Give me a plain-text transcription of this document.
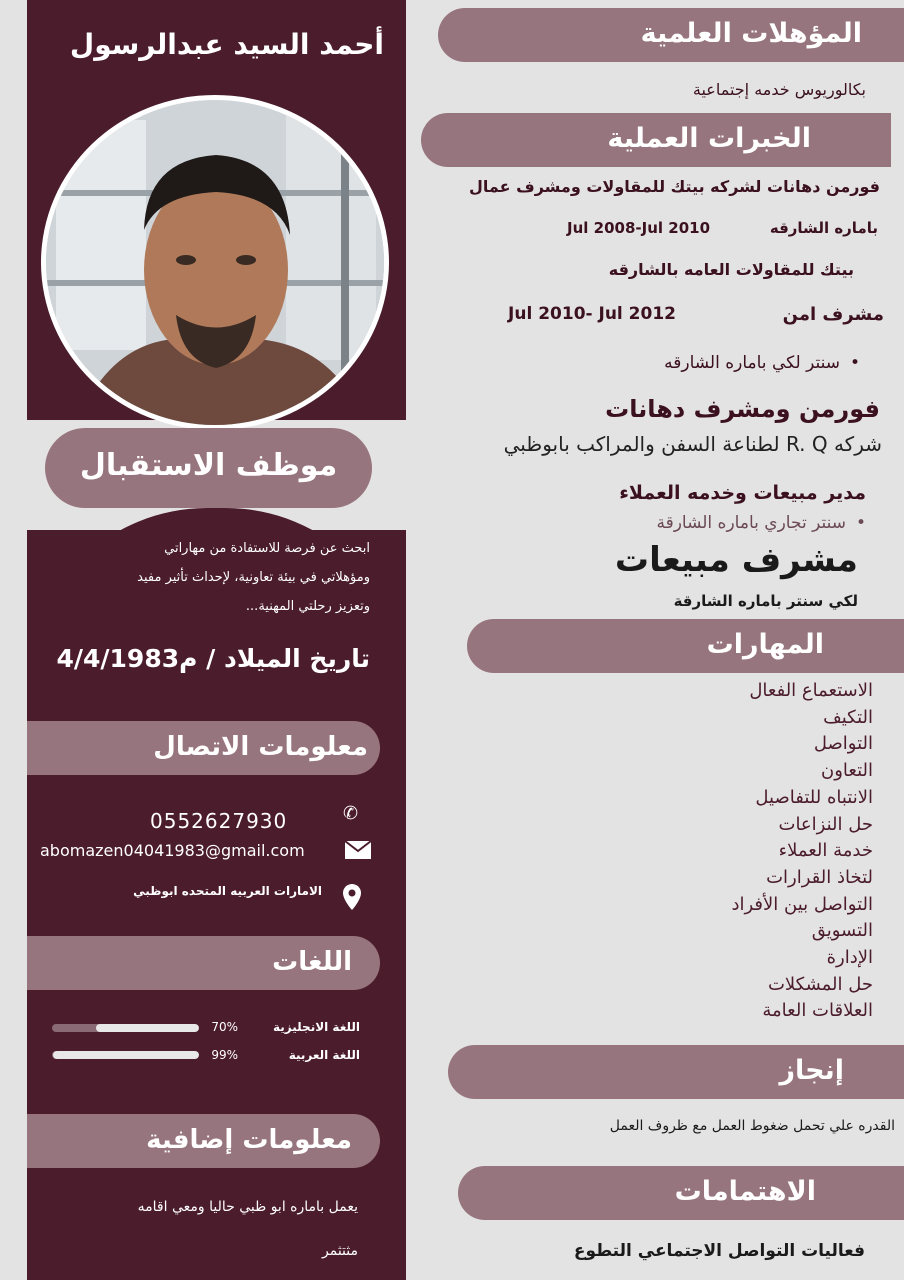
أحمد السيد عبدالرسول
موظف الاستقبال
ابحث عن فرصة للاستفادة من مهاراتي
ومؤهلاتي في بيئة تعاونية، لإحداث تأثير مفيد
وتعزيز رحلتي المهنية...
تاريخ الميلاد / م4/4/1983
معلومات الاتصال
✆
0552627930
abomazen04041983@gmail.com
الامارات العربيه المتحده ابوظبي
اللغات
اللغة الانجليزية
70%
اللغة العربية
99%
معلومات إضافية
يعمل باماره ابو ظبي حاليا ومعي اقامه
مثتثمر
المؤهلات العلمية
بكالوريوس خدمه إجتماعية
الخبرات العملية
فورمن دهانات لشركه بيتك للمقاولات ومشرف عمال
باماره الشارقه
Jul 2008-Jul 2010
بيتك للمقاولات العامه بالشارقه
مشرف امن
Jul 2010- Jul 2012
• سنتر لكي باماره الشارقه
فورمن ومشرف دهانات
شركه R. Q لطناعة السفن والمراكب بابوظبي
مدير مبيعات وخدمه العملاء
• سنتر تجاري باماره الشارقة
مشرف مبيعات
لكي سنتر باماره الشارقة
المهارات
الاستعماع الفعال
التكيف
التواصل
التعاون
الانتباه للتفاصيل
حل النزاعات
خدمة العملاء
لتخاذ القرارات
التواصل بين الأفراد
التسويق
الإدارة
حل المشكلات
العلاقات العامة
إنجاز
القدره علي تحمل ضغوط العمل مع ظروف العمل
الاهتمامات
فعاليات التواصل الاجتماعي التطوع
